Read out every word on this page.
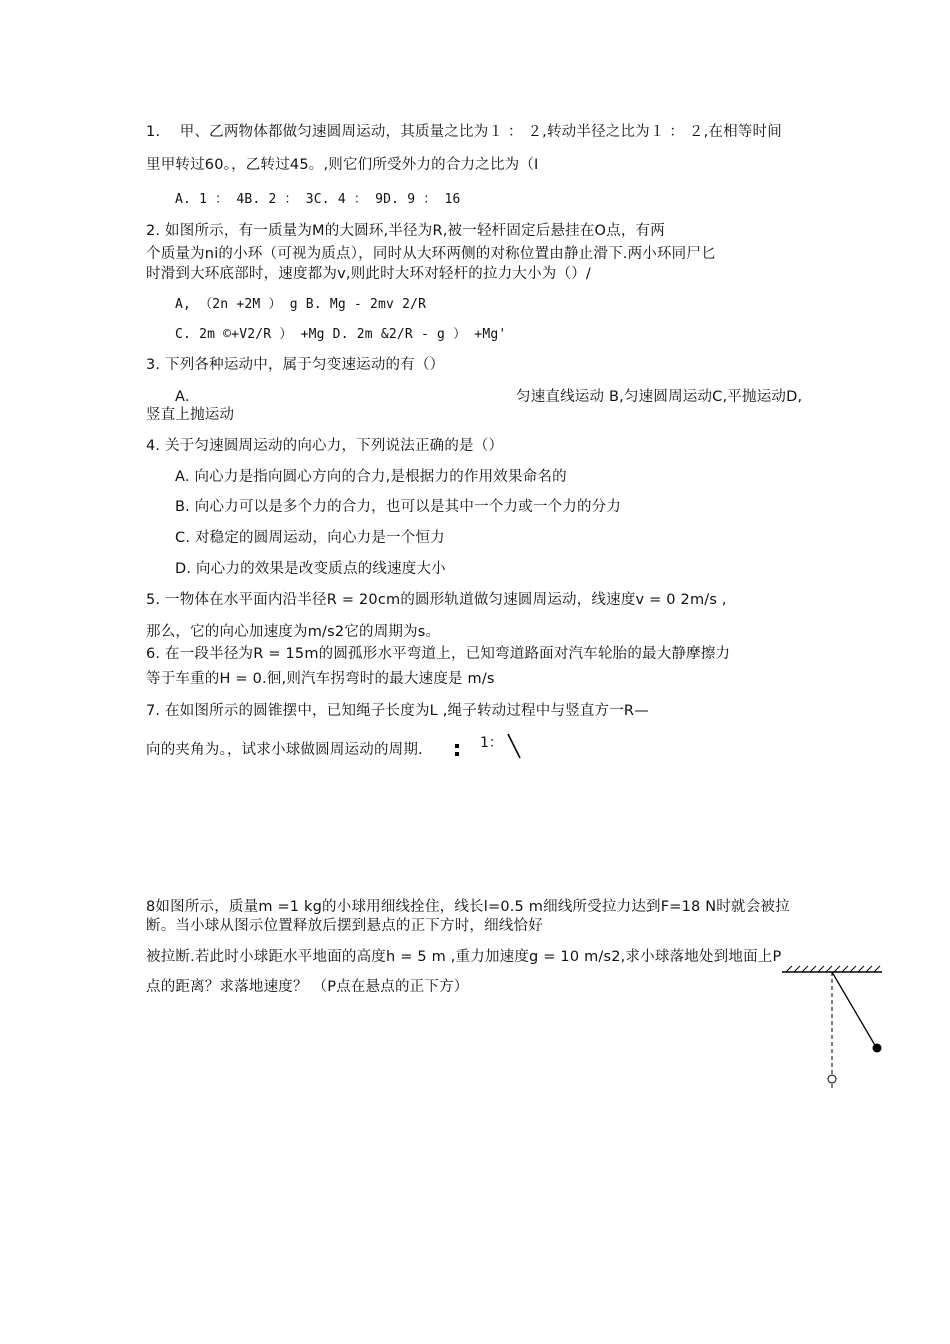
1.　 甲、乙两物体都做匀速圆周运动，其质量之比为１ ： ２,转动半径之比为１ ： ２,在相等时间
里甲转过60。，乙转过45。,则它们所受外力的合力之比为（I
A. 1 ： 4B. 2 ： 3C. 4 ： 9D. 9 ： 16
2. 如图所示，有一质量为M的大圆环,半径为R,被一轻杆固定后悬挂在O点，有两
个质量为ni的小环（可视为质点），同时从大环两侧的对称位置由静止滑下.两小环同尸匕
时滑到大环底部时，速度都为v,则此时大环对轻杆的拉力大小为（）/
A, （2n +2M ） g B. Mg - 2mv 2/R
C. 2m ©+V2/R ） +Mg D. 2m &2/R - g ） +Mg'
3. 下列各种运动中，属于匀变速运动的有（）
A.	匀速直线运动 B,匀速圆周运动C,平抛运动D,
竖直上抛运动
4. 关于匀速圆周运动的向心力，下列说法正确的是（）
A. 向心力是指向圆心方向的合力,是根据力的作用效果命名的
B. 向心力可以是多个力的合力，也可以是其中一个力或一个力的分力
C. 对稳定的圆周运动，向心力是一个恒力
D. 向心力的效果是改变质点的线速度大小
5. 一物体在水平面内沿半径R = 20cm的圆形轨道做匀速圆周运动，线速度v = 0 2m/s ,
那么，它的向心加速度为m/s2它的周期为s。
6. 在一段半径为R = 15m的圆孤形水平弯道上，已知弯道路面对汽车轮胎的最大静摩擦力
等于车重的H = 0.徊,则汽车拐弯时的最大速度是 m/s
7. 在如图所示的圆锥摆中，已知绳子长度为L ,绳子转动过程中与竖直方一R—
向的夹角为。，试求小球做圆周运动的周期.	1：
8如图所示，质量m =1 kg的小球用细线拴住，线长l=0.5 m细线所受拉力达到F=18 N时就会被拉
断。当小球从图示位置释放后摆到悬点的正下方时，细线恰好
被拉断.若此时小球距水平地面的高度h = 5 m ,重力加速度g = 10 m/s2,求小球落地处到地面上P
点的距离？求落地速度？ （P点在悬点的正下方）
